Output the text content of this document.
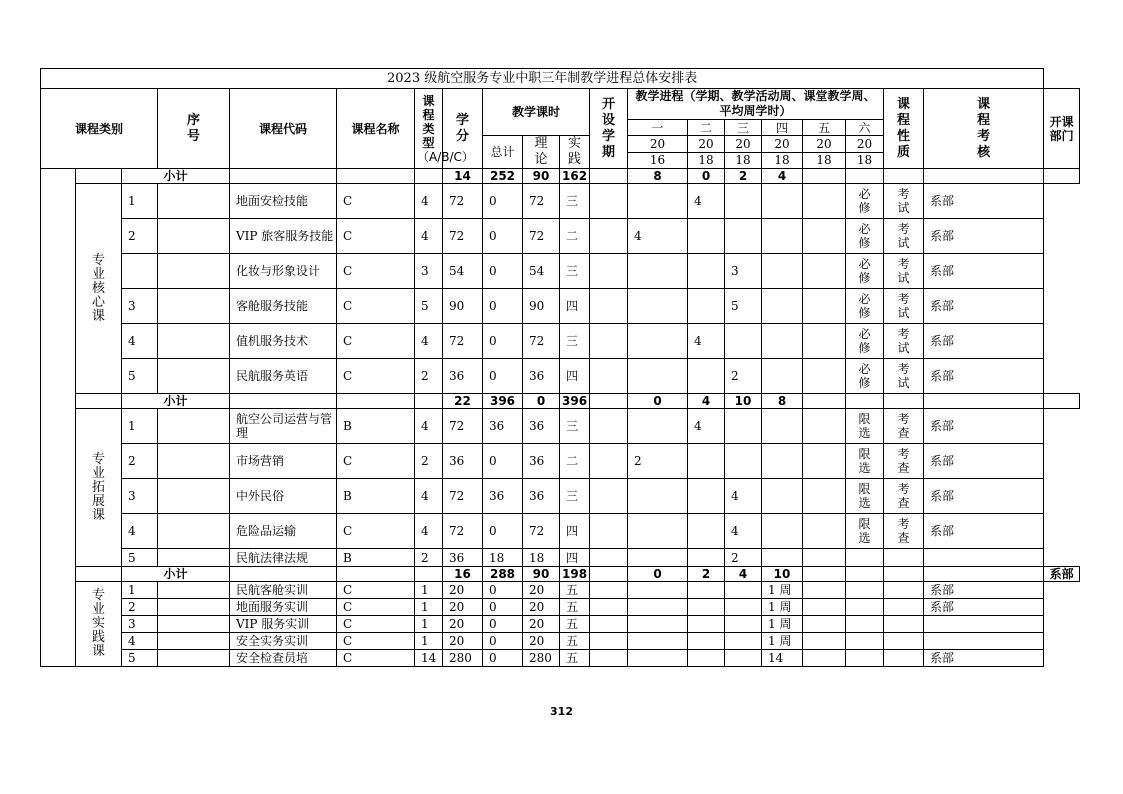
2023 级航空服务专业中职三年制教学进程总体安排表																				
课程类别			序号	课程代码	课程名称	课程类型
（A/B/C）	学分	教学课时			开设学期	教学进程（学期、教学活动周、课堂教学周、平均周学时）						课程性质	课程考核	开课部门
												一	二	三	四	五	六			
								总计	理论	实践		20	20	20	20	20	20			
												16	18	18	18	18	18			
		小计					14	252	90	162		8	0	2	4					
	专业核心课	1		地面安检技能	C	4	72	0	72	三			4				必修	考试	系部	
		2		VIP 旅客服务技能	C	4	72	0	72	二		4					必修	考试	系部	
				化妆与形象设计	C	3	54	0	54	三				3			必修	考试	系部	
		3		客舱服务技能	C	5	90	0	90	四				5			必修	考试	系部	
		4		值机服务技术	C	4	72	0	72	三			4				必修	考试	系部	
		5		民航服务英语	C	2	36	0	36	四				2			必修	考试	系部	
		小计					22	396	0	396		0	4	10	8					
	专业拓展课	1		航空公司运营与管理	B	4	72	36	36	三			4				限选	考查	系部	
		2		市场营销	C	2	36	0	36	二		2					限选	考查	系部	
		3		中外民俗	B	4	72	36	36	三				4			限选	考查	系部	
		4		危险品运输	C	4	72	0	72	四				4			限选	考查	系部	
		5		民航法律法规	B	2	36	18	18	四				2						
		小计					16	288	90	198		0	2	4	10					系部
	专业实践课	1		民航客舱实训	C	1	20	0	20	五					1 周				系部	
		2		地面服务实训	C	1	20	0	20	五					1 周				系部	
		3		VIP 服务实训	C	1	20	0	20	五					1 周					
		4		安全实务实训	C	1	20	0	20	五					1 周					
		5		安全检查员培	C	14	280	0	280	五					14				系部	
312
